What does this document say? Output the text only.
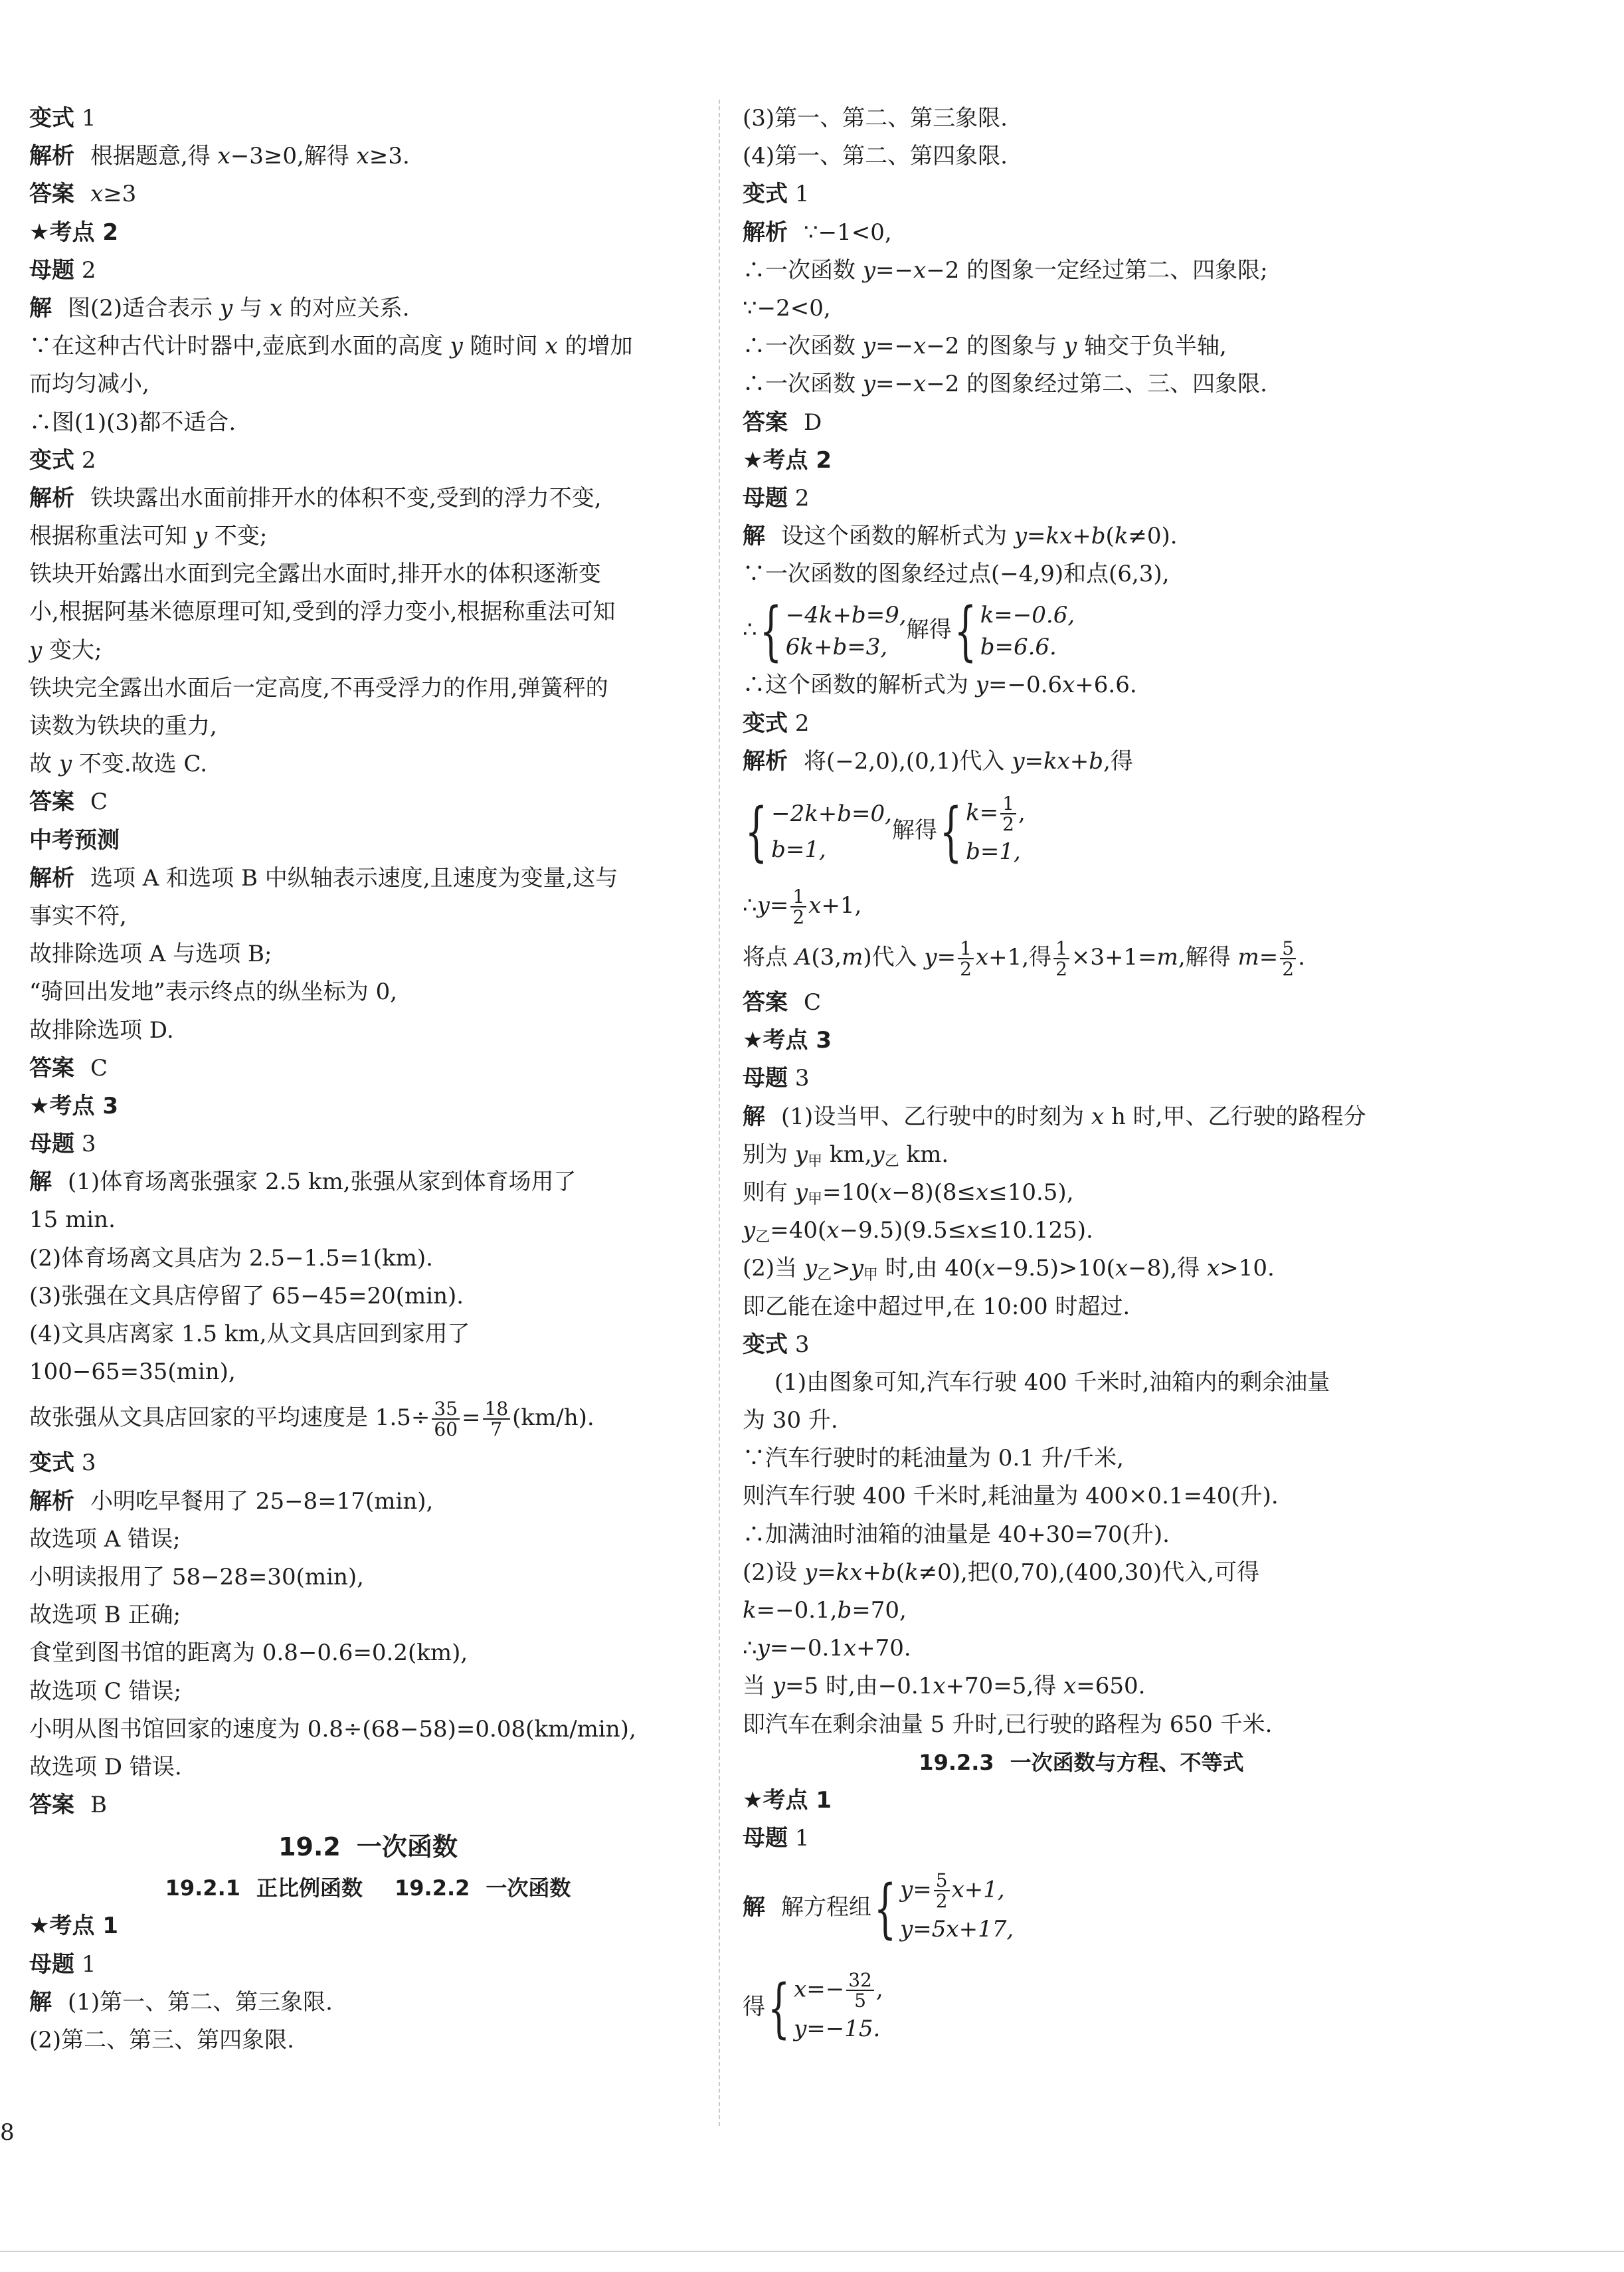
变式 1
解析 根据题意,得 x−3≥0,解得 x≥3.
答案 x≥3
★考点 2
母题 2
解 图(2)适合表示 y 与 x 的对应关系.
∵在这种古代计时器中,壶底到水面的高度 y 随时间 x 的增加
而均匀减小,
∴图(1)(3)都不适合.
变式 2
解析 铁块露出水面前排开水的体积不变,受到的浮力不变,
根据称重法可知 y 不变;
铁块开始露出水面到完全露出水面时,排开水的体积逐渐变
小,根据阿基米德原理可知,受到的浮力变小,根据称重法可知
y 变大;
铁块完全露出水面后一定高度,不再受浮力的作用,弹簧秤的
读数为铁块的重力,
故 y 不变.故选 C.
答案 C
中考预测
解析 选项 A 和选项 B 中纵轴表示速度,且速度为变量,这与
事实不符,
故排除选项 A 与选项 B;
“骑回出发地”表示终点的纵坐标为 0,
故排除选项 D.
答案 C
★考点 3
母题 3
解 (1)体育场离张强家 2.5 km,张强从家到体育场用了
15 min.
(2)体育场离文具店为 2.5−1.5=1(km).
(3)张强在文具店停留了 65−45=20(min).
(4)文具店离家 1.5 km,从文具店回到家用了
100−65=35(min),
故张强从文具店回家的平均速度是 $1.5\div \frac{35}{60} = \frac{18}{7} (km/h)$.
变式 3
解析 小明吃早餐用了 25−8=17(min),
故选项 A 错误;
小明读报用了 58−28=30(min),
故选项 B 正确;
食堂到图书馆的距离为 0.8−0.6=0.2(km),
故选项 C 错误;
小明从图书馆回家的速度为 0.8÷(68−58)=0.08(km/min),
故选项 D 错误.
答案 B
19.2 一次函数
19.2.1 正比例函数 19.2.2 一次函数
★考点 1
母题 1
解 (1)第一、第二、第三象限.
(2)第二、第三、第四象限.
(3)第一、第二、第三象限.
(4)第一、第二、第四象限.
变式 1
解析 ∵−1<0,
∴一次函数 y=−x−2 的图象一定经过第二、四象限;
∵−2<0,
∴一次函数 y=−x−2 的图象与 y 轴交于负半轴,
∴一次函数 y=−x−2 的图象经过第二、三、四象限.
答案 D
★考点 2
母题 2
解 设这个函数的解析式为 y=kx+b(k≠0).
∵一次函数的图象经过点(−4,9)和点(6,3),
∴{ −4k+b=9,
6k+b=3,
解得{ k=−0.6,
b=6.6.
∴这个函数的解析式为 y=−0.6x+6.6.
变式 2
解析 将(−2,0),(0,1)代入 y=kx+b,得
{ −2k+b=0,
b=1,
解得{ $k= \frac{1}{2}$ ,
b=1,
∴y= $\frac{1}{2} x+1$,
将点 A(3,m)代入 $y= \frac{1}{2} x+1$,得 $\frac{1}{2} \times 3+1=m$,解得 $m= \frac{5}{2}$ .
答案 C
★考点 3
母题 3
解 (1)设当甲、乙行驶中的时刻为 x h 时,甲、乙行驶的路程分
别为 $y_甲$ $km,y_乙$ km.
则有 $y_甲=10(x-8)(8\le x\le 10.5)$,
$y_乙=40(x-9.5)(9.5\le x\le 10.125)$.
(2)当 $y_乙>y_甲$ 时,由 40(x−9.5)>10(x−8),得 x>10.
即乙能在途中超过甲,在 10:00 时超过.
变式 3
(1)由图象可知,汽车行驶 400 千米时,油箱内的剩余油量
为 30 升.
∵汽车行驶时的耗油量为 0.1 升/千米,
则汽车行驶 400 千米时,耗油量为 400×0.1=40(升).
∴加满油时油箱的油量是 40+30=70(升).
(2)设 y=kx+b(k≠0),把(0,70),(400,30)代入,可得
k=−0.1,b=70,
∴y=−0.1x+70.
当 y=5 时,由−0.1x+70=5,得 x=650.
即汽车在剩余油量 5 升时,已行驶的路程为 650 千米.
19.2.3 一次函数与方程、不等式
★考点 1
母题 1
解 解方程组{ $y= \frac{5}{2} x+1$,
y=5x+17,
得{ $x=- \frac{32}{5}$ ,
y=−15.
8
